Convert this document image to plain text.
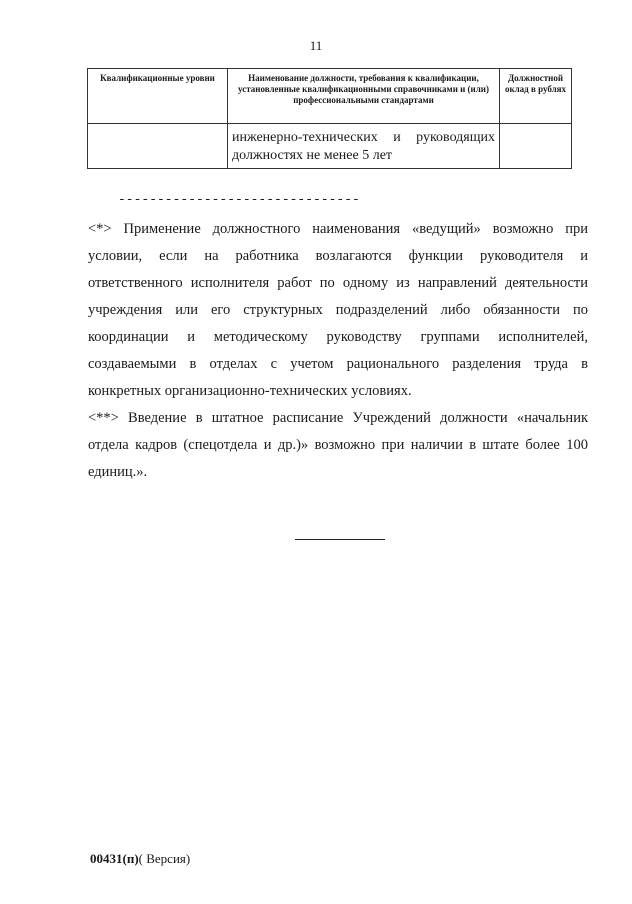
11
Квалификационные уровни	Наименование должности, требования к квалификации, установленные квалификационными справочниками и (или) профессиональными стандартами	Должностной оклад в рублях
	инженерно-технических и руководящих должностях не менее 5 лет	
-------------------------------

<*> Применение должностного наименования «ведущий» возможно при условии, если на работника возлагаются функции руководителя и ответственного исполнителя работ по одному из направлений деятельности учреждения или его структурных подразделений либо обязанности по координации и методическому руководству группами исполнителей, создаваемыми в отделах с учетом рационального разделения труда в конкретных организационно-технических условиях.

<**> Введение в штатное расписание Учреждений должности «начальник отдела кадров (спецотдела и др.)» возможно при наличии в штате более 100 единиц.».

00431(п)( Версия)
